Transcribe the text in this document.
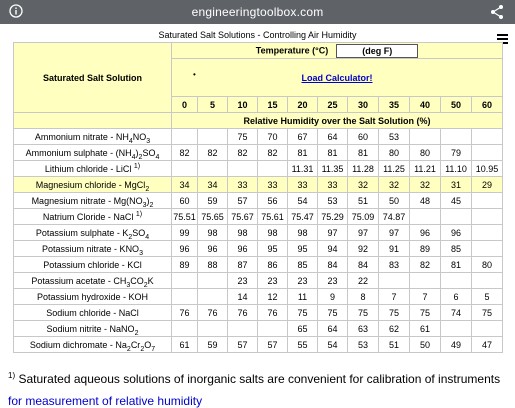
engineeringtoolbox.com
Saturated Salt Solutions - Controlling Air Humidity
Saturated Salt Solution	Temperature (°C) (deg F)										

	• Load Calculator!										
	0	5	10	15	20	25	30	35	40	50	60
	Relative Humidity over the Salt Solution (%)										
Ammonium nitrate - $NH_4NO_3$			75	70	67	64	60	53			
Ammonium sulphate - $(NH_4)_2SO_4$	82	82	82	82	81	81	81	80	80	79	
Lithium chloride - LiCl $^{1)}$					11.31	11.35	11.28	11.25	11.21	11.10	10.95
Magnesium chloride - MgCl$_2$	34	34	33	33	33	33	32	32	32	31	29
Magnesium nitrate - $Mg(NO_3)_2$	60	59	57	56	54	53	51	50	48	45	
Natrium Cloride - NaCl $^{1)}$	75.51	75.65	75.67	75.61	75.47	75.29	75.09	74.87			
Potassium sulphate - $K_2SO_4$	99	98	98	98	98	97	97	97	96	96	
Potassium nitrate - $KNO_3$	96	96	96	95	95	94	92	91	89	85	
Potassium chloride - KCl	89	88	87	86	85	84	84	83	82	81	80
Potassium acetate - $CH_3CO_2K$			23	23	23	23	22				
Potassium hydroxide - KOH			14	12	11	9	8	7	7	6	5
Sodium chloride - NaCl	76	76	76	76	75	75	75	75	75	74	75
Sodium nitrite - NaNO$_2$					65	64	63	62	61		
Sodium dichromate - $Na_2Cr_2O_7$	61	59	57	57	55	54	53	51	50	49	47
$^{1)}$ Saturated aqueous solutions of inorganic salts are convenient for calibration of instruments
for measurement of relative humidity
